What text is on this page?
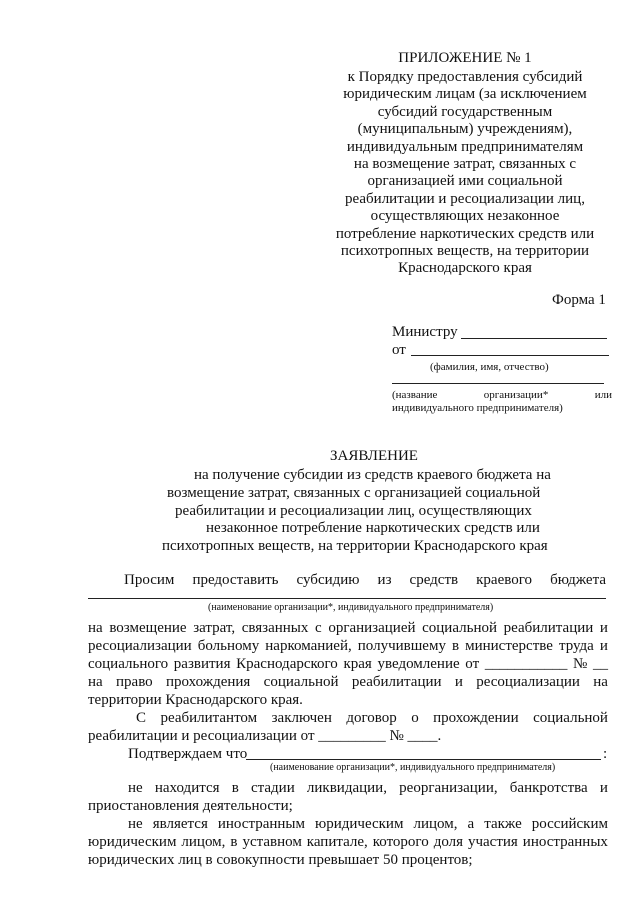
ПРИЛОЖЕНИЕ № 1
к Порядку предоставления субсидий
юридическим лицам (за исключением
субсидий государственным
(муниципальным) учреждениям),
индивидуальным предпринимателям
на возмещение затрат, связанных с
организацией ими социальной
реабилитации и ресоциализации лиц,
осуществляющих незаконное
потребление наркотических средств или
психотропных веществ, на территории
Краснодарского края
Форма 1
Министру
от
(фамилия, имя, отчество)
(название	организации*	или
индивидуального предпринимателя)
ЗАЯВЛЕНИЕ
на получение субсидии из средств краевого бюджета на
возмещение затрат, связанных с организацией социальной
реабилитации и ресоциализации лиц, осуществляющих
незаконное потребление наркотических средств или
психотропных веществ, на территории Краснодарского края
Просим предоставить субсидию из средств краевого бюджета
(наименование организации*, индивидуального предпринимателя)
на возмещение затрат, связанных с организацией социальной реабилитации и
ресоциализации больному наркоманией, получившему в министерстве труда и
социального развития Краснодарского края уведомление от ___________ № __
на право прохождения социальной реабилитации и ресоциализации на
территории Краснодарского края.
С реабилитантом заключен договор о прохождении социальной
реабилитации и ресоциализации от _________ № ____.
Подтверждаем что	:
(наименование организации*, индивидуального предпринимателя)
не находится в стадии ликвидации, реорганизации, банкротства и
приостановления деятельности;
не является иностранным юридическим лицом, а также российским
юридическим лицом, в уставном капитале, которого доля участия иностранных
юридических лиц в совокупности превышает 50 процентов;
